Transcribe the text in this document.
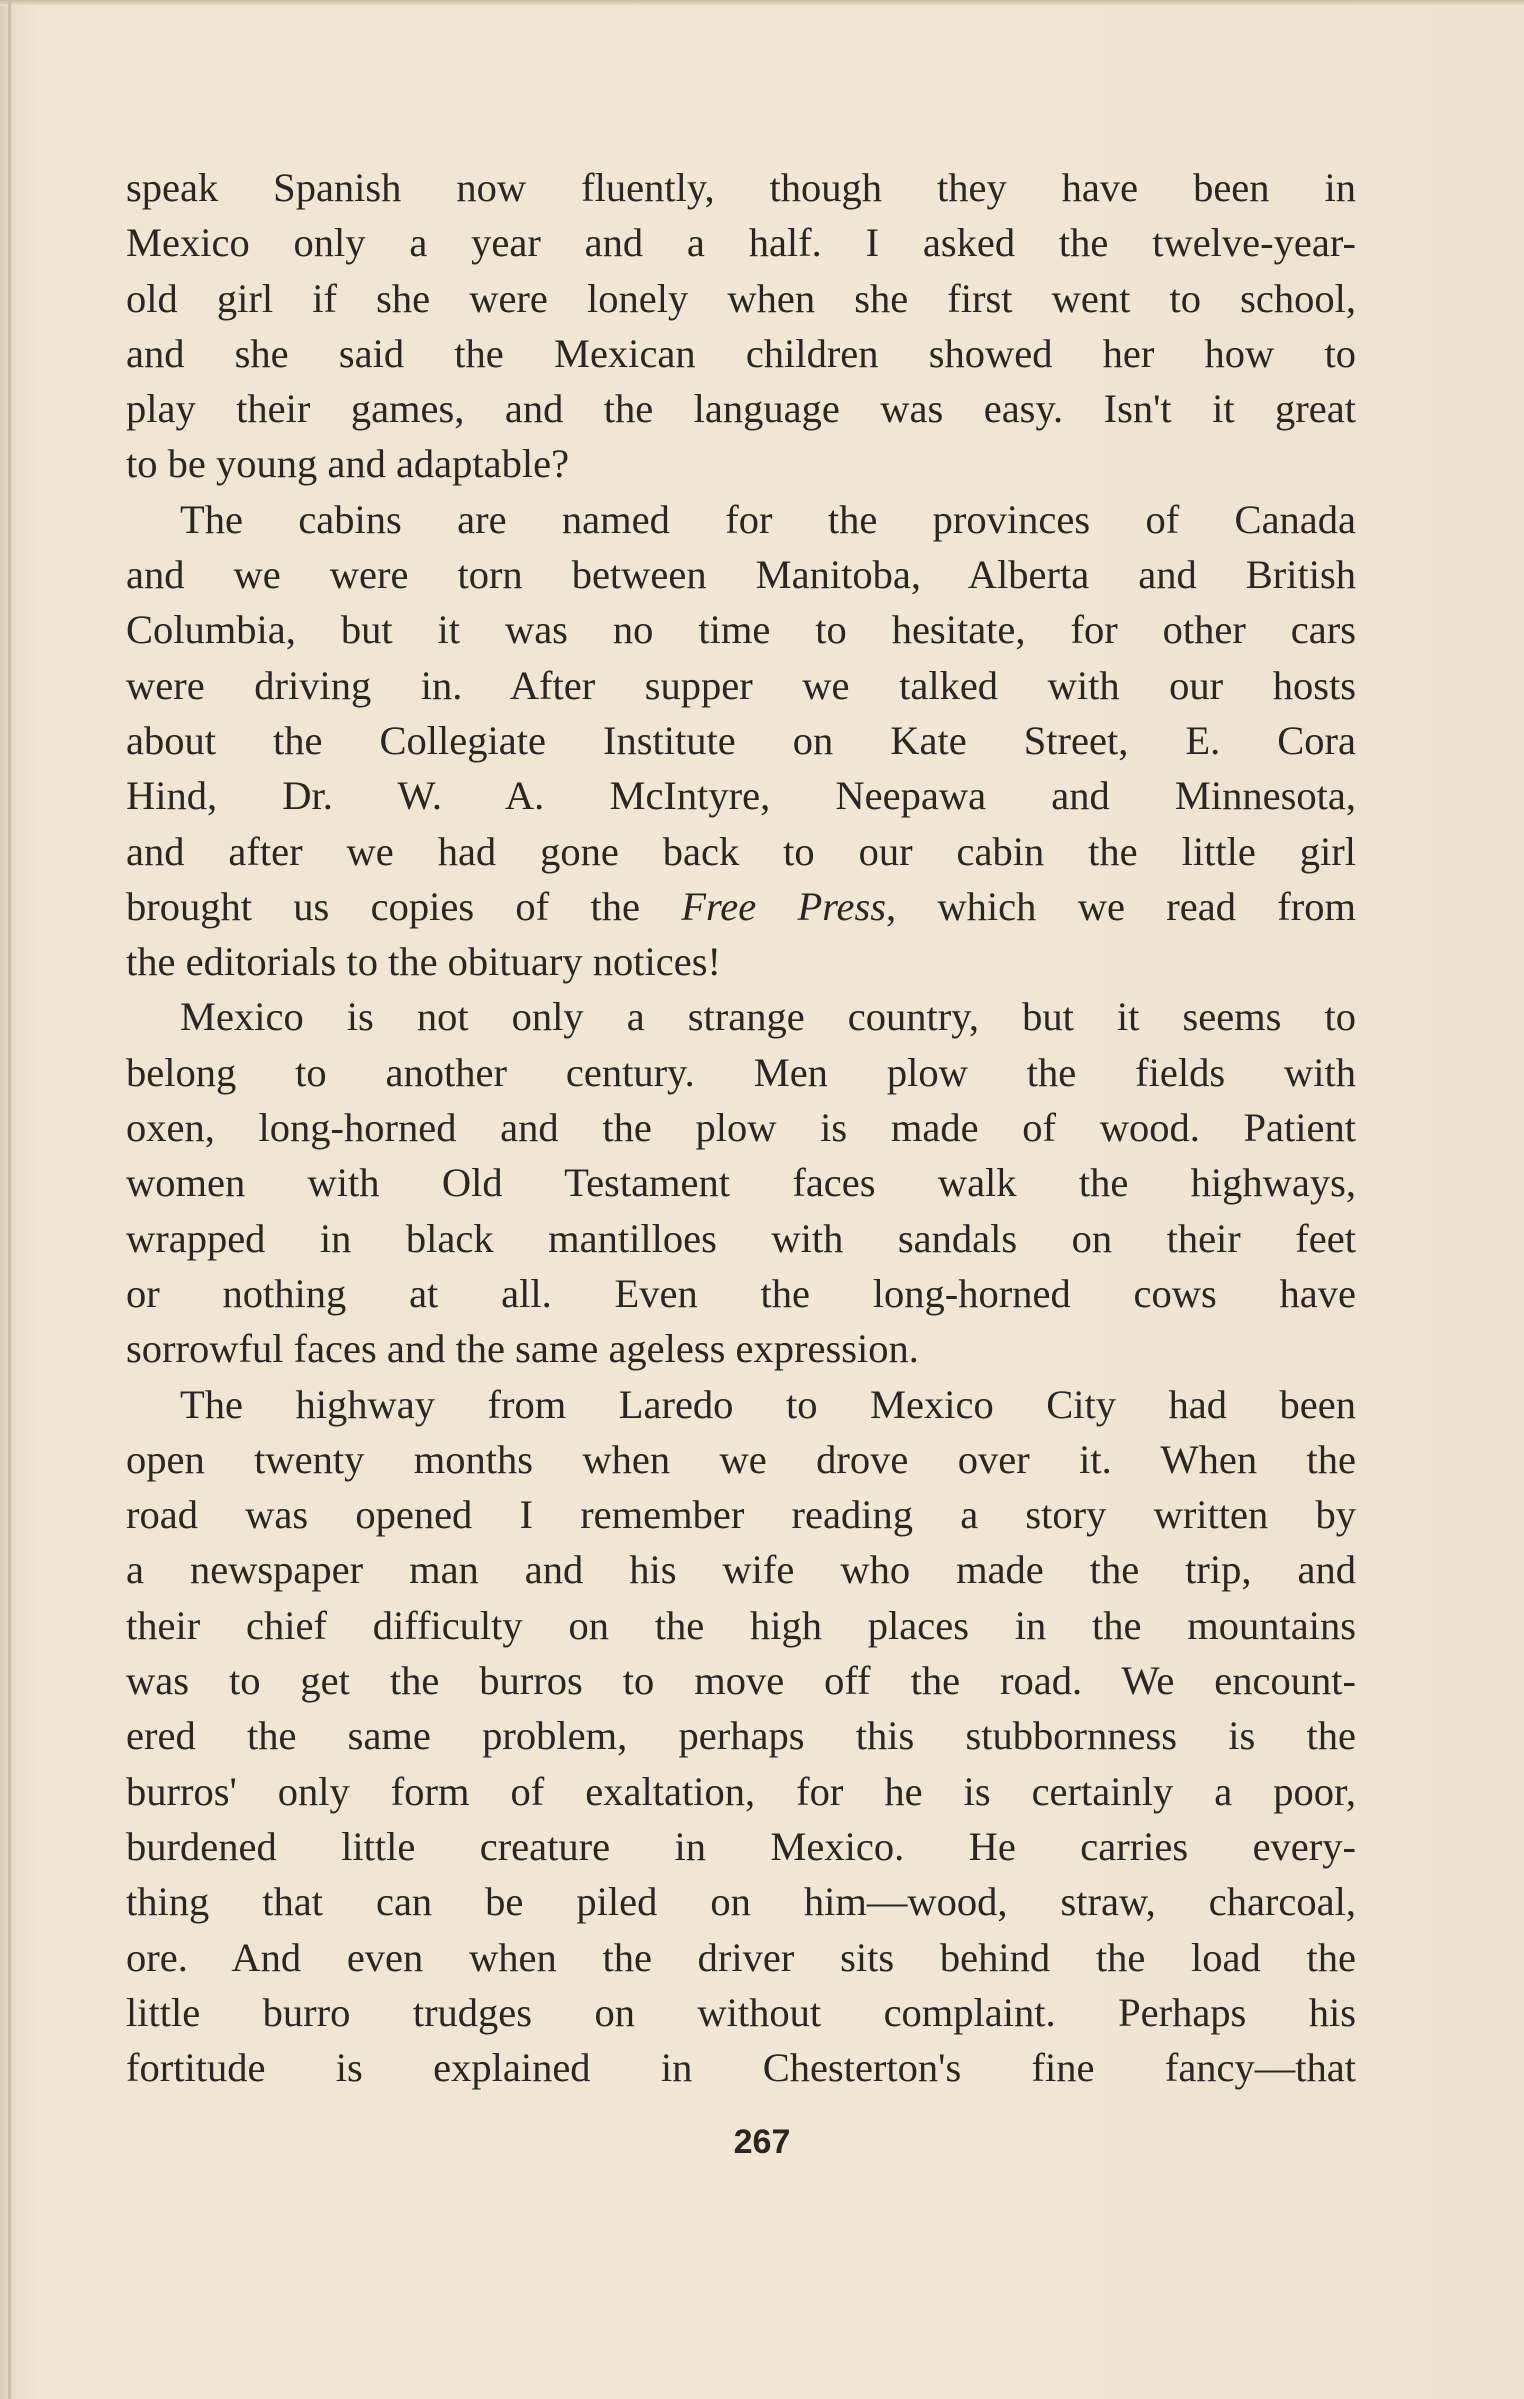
speak Spanish now fluently, though they have been in
Mexico only a year and a half. I asked the twelve-year-
old girl if she were lonely when she first went to school,
and she said the Mexican children showed her how to
play their games, and the language was easy. Isn't it great
to be young and adaptable?
The cabins are named for the provinces of Canada
and we were torn between Manitoba, Alberta and British
Columbia, but it was no time to hesitate, for other cars
were driving in. After supper we talked with our hosts
about the Collegiate Institute on Kate Street, E. Cora
Hind, Dr. W. A. McIntyre, Neepawa and Minnesota,
and after we had gone back to our cabin the little girl
brought us copies of the Free Press, which we read from
the editorials to the obituary notices!
Mexico is not only a strange country, but it seems to
belong to another century. Men plow the fields with
oxen, long-horned and the plow is made of wood. Patient
women with Old Testament faces walk the highways,
wrapped in black mantilloes with sandals on their feet
or nothing at all. Even the long-horned cows have
sorrowful faces and the same ageless expression.
The highway from Laredo to Mexico City had been
open twenty months when we drove over it. When the
road was opened I remember reading a story written by
a newspaper man and his wife who made the trip, and
their chief difficulty on the high places in the mountains
was to get the burros to move off the road. We encount-
ered the same problem, perhaps this stubbornness is the
burros' only form of exaltation, for he is certainly a poor,
burdened little creature in Mexico. He carries every-
thing that can be piled on him—wood, straw, charcoal,
ore. And even when the driver sits behind the load the
little burro trudges on without complaint. Perhaps his
fortitude is explained in Chesterton's fine fancy—that
267
